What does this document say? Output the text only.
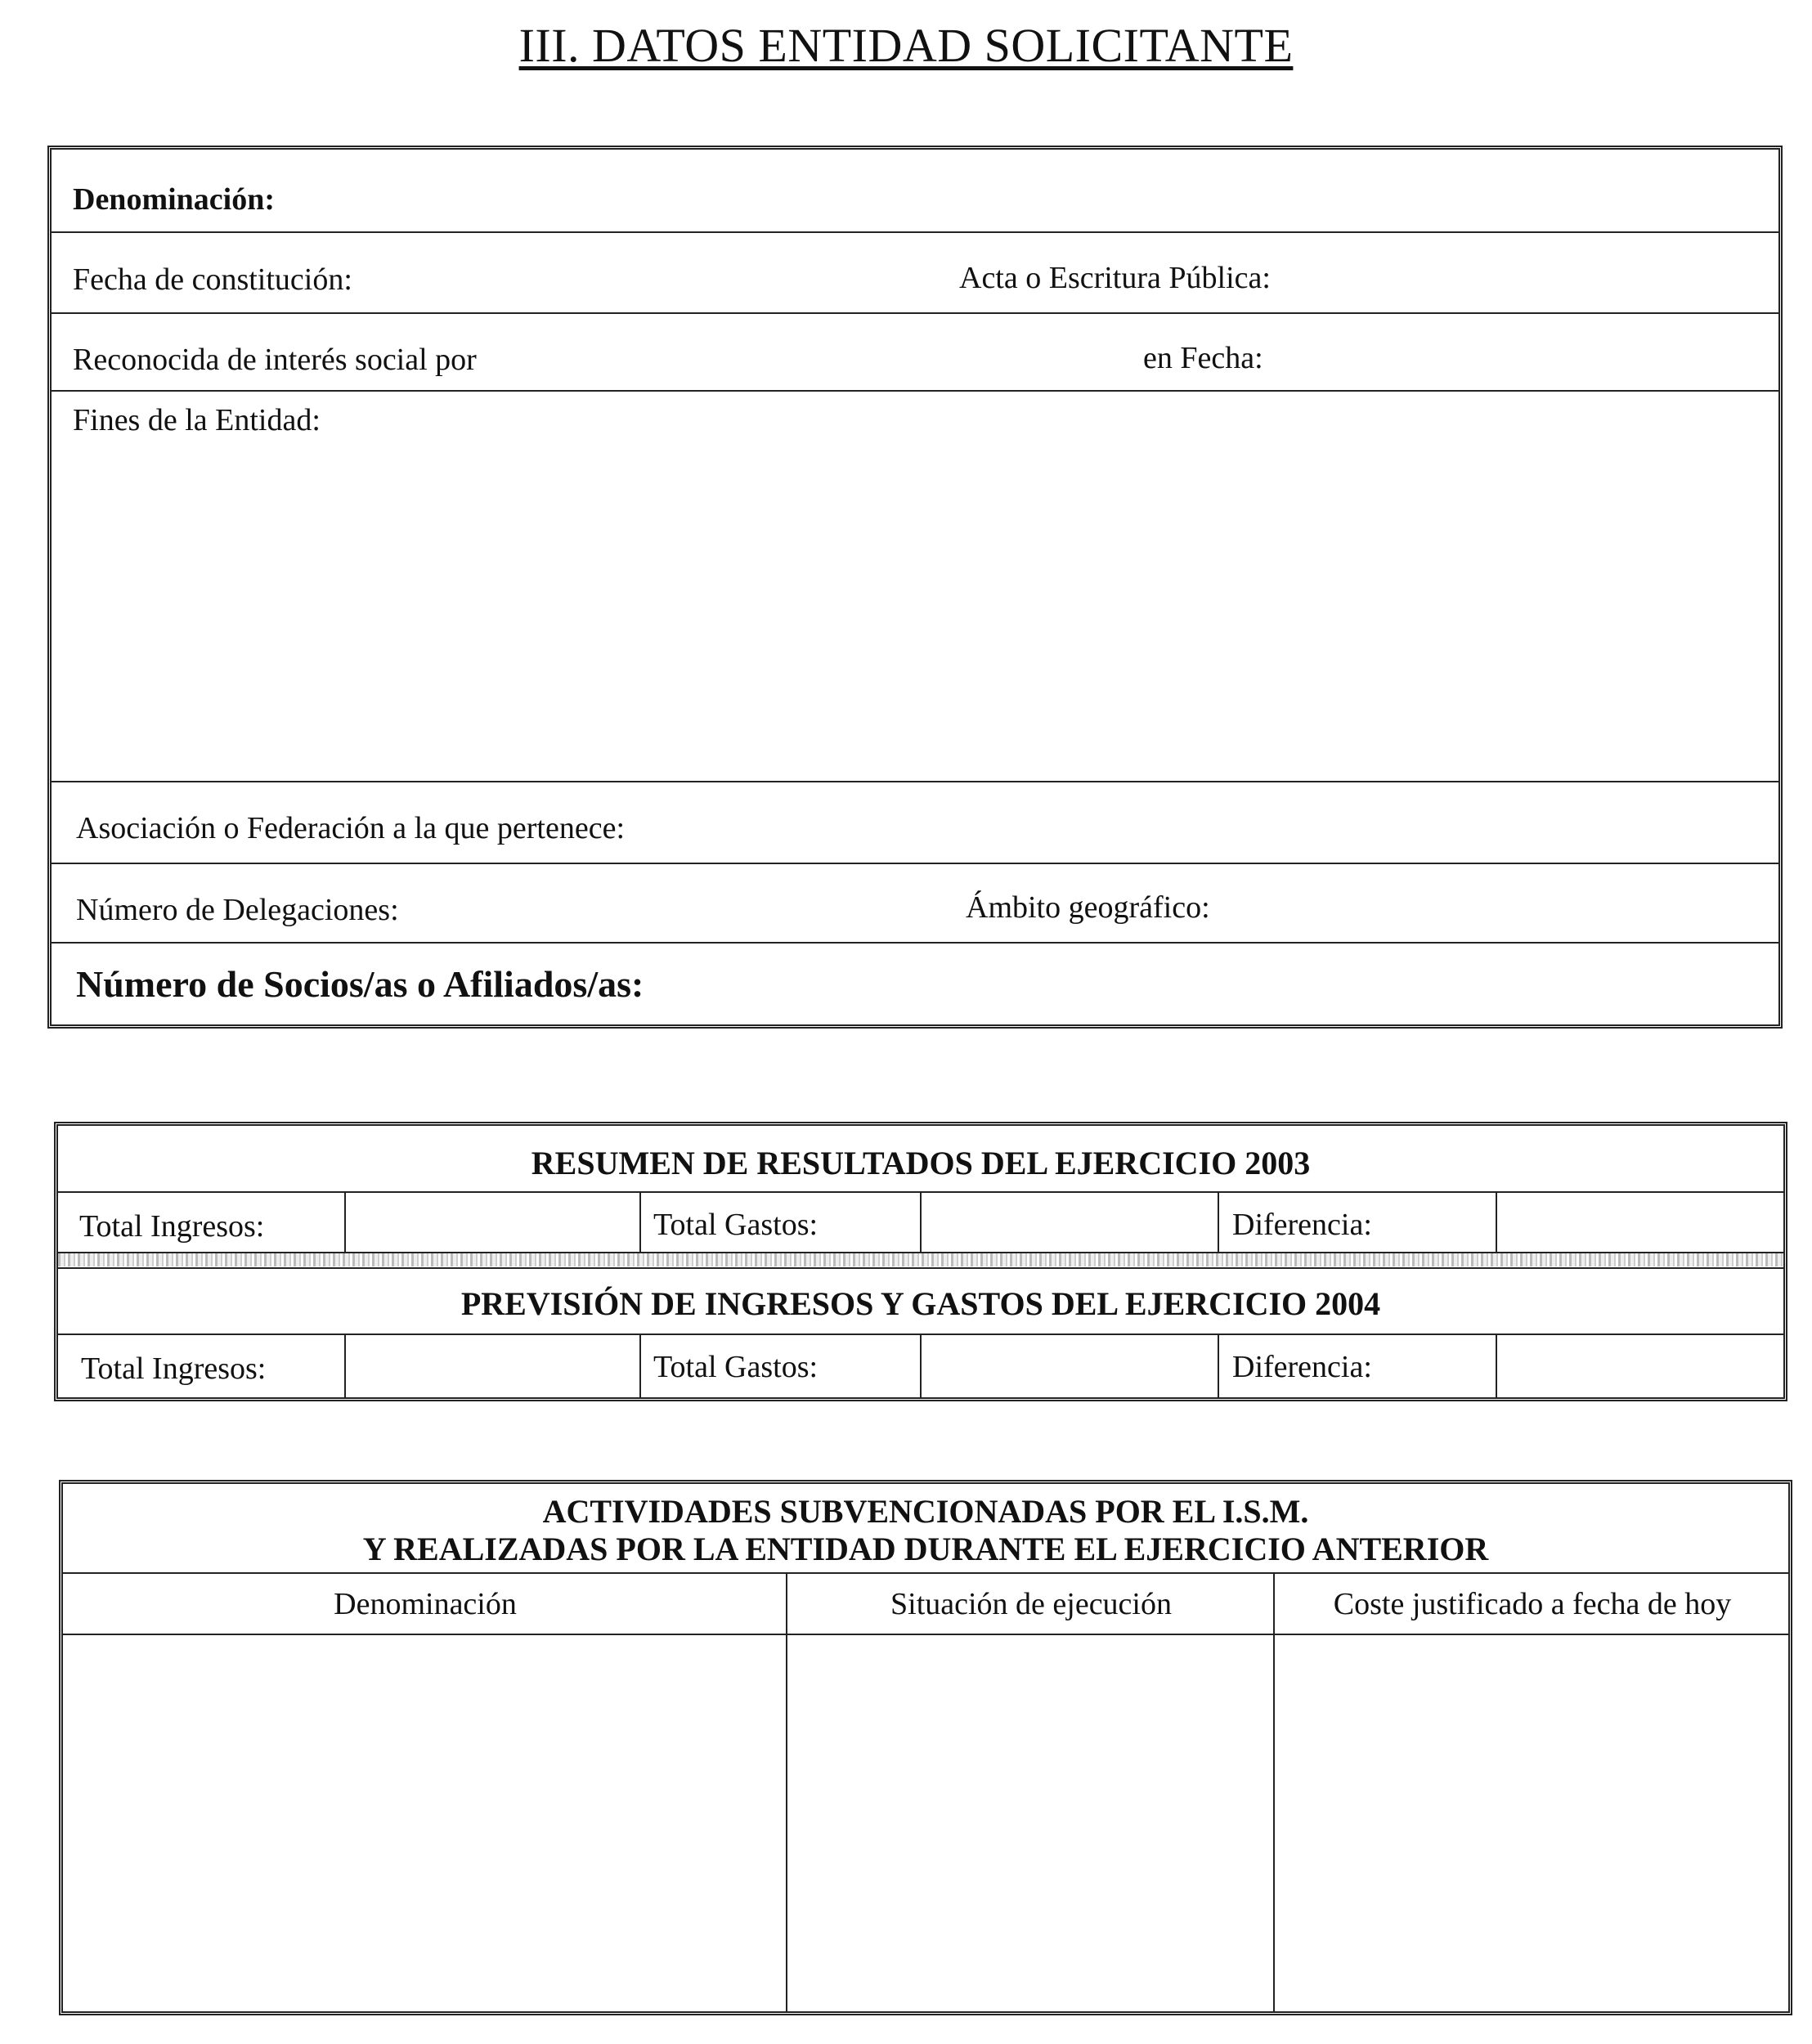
III. DATOS ENTIDAD SOLICITANTE
Denominación:
Fecha de constitución:	Acta o Escritura Pública:
Reconocida de interés social por	en Fecha:
Fines de la Entidad:
Asociación o Federación a la que pertenece:
Número de Delegaciones:	Ámbito geográfico:
Número de Socios/as o Afiliados/as:
RESUMEN DE RESULTADOS DEL EJERCICIO 2003
Total Ingresos:	Total Gastos:	Diferencia:
PREVISIÓN DE INGRESOS Y GASTOS DEL EJERCICIO 2004
Total Ingresos:	Total Gastos:	Diferencia:
ACTIVIDADES SUBVENCIONADAS POR EL I.S.M.
Y REALIZADAS POR LA ENTIDAD DURANTE EL EJERCICIO ANTERIOR
Denominación	Situación de ejecución	Coste justificado a fecha de hoy
